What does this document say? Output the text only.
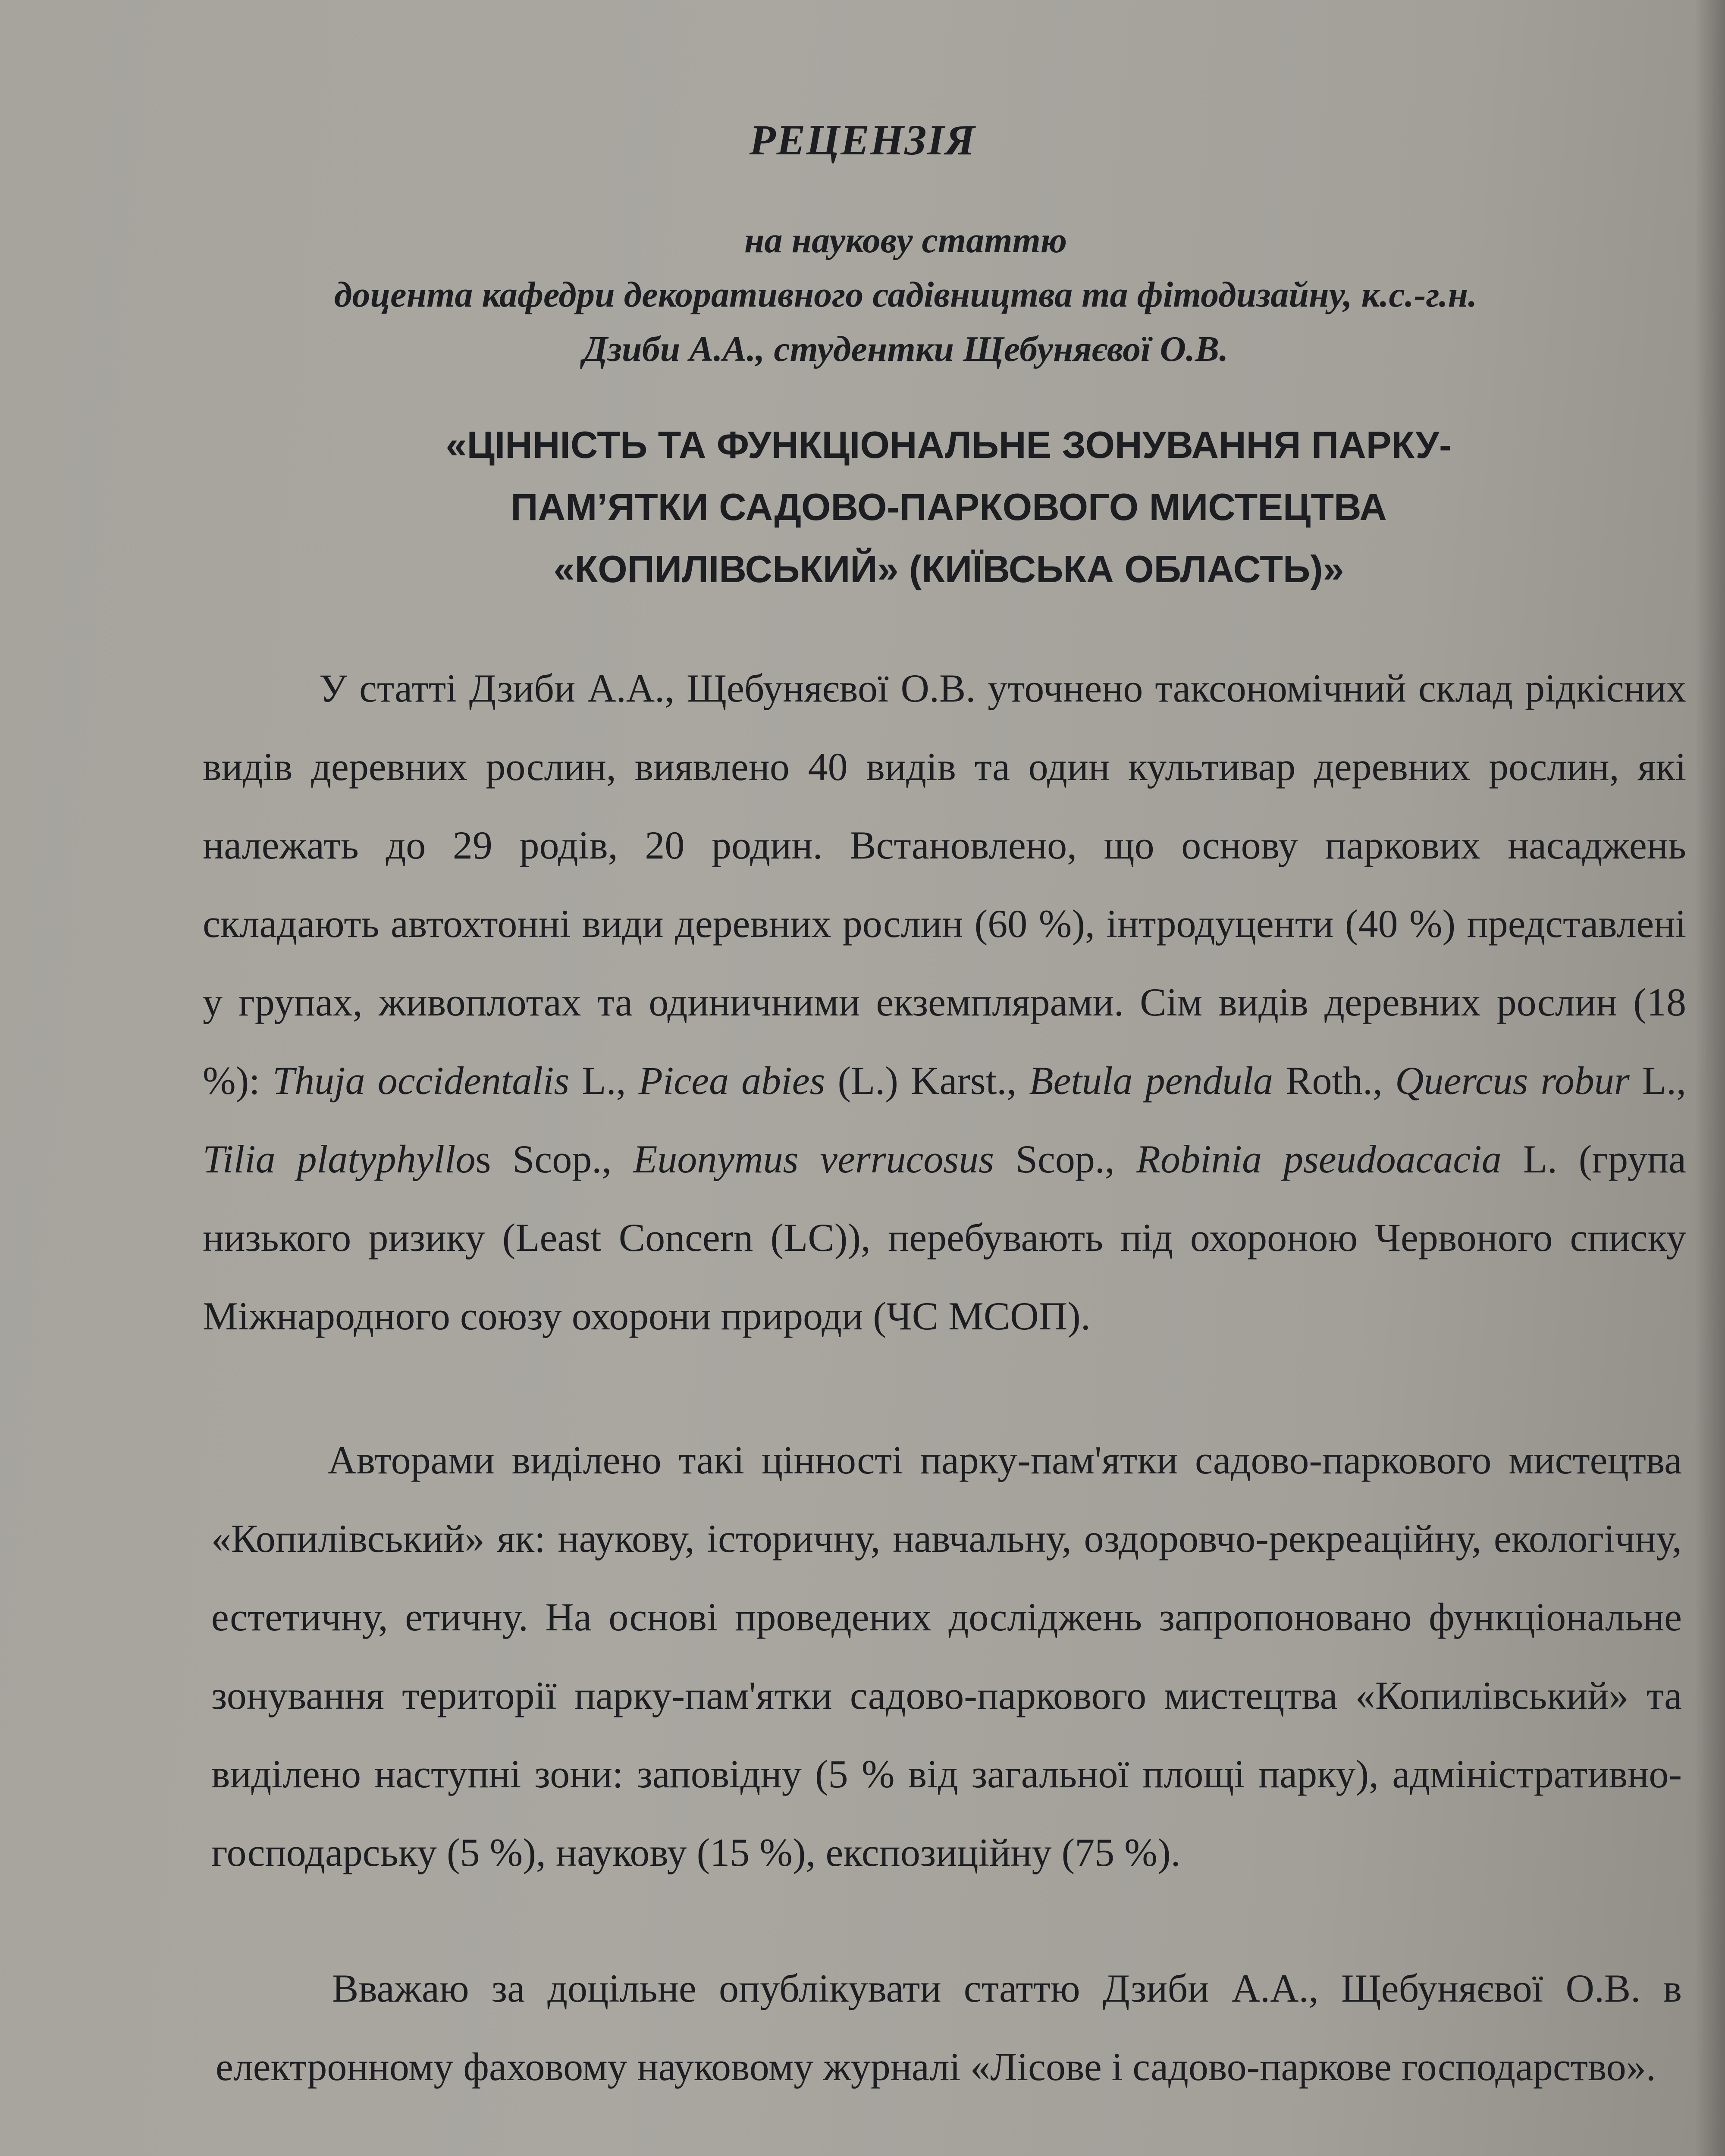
РЕЦЕНЗІЯ
на наукову статтю
доцента кафедри декоративного садівництва та фітодизайну, к.с.-г.н.
Дзиби А.А., студентки Щебуняєвої О.В.
«ЦІННІСТЬ ТА ФУНКЦІОНАЛЬНЕ ЗОНУВАННЯ ПАРКУ-
ПАМ’ЯТКИ САДОВО-ПАРКОВОГО МИСТЕЦТВА
«КОПИЛІВСЬКИЙ» (КИЇВСЬКА ОБЛАСТЬ)»
У статті Дзиби А.А., Щебуняєвої О.В. уточнено таксономічний склад рідкісних видів деревних рослин, виявлено 40 видів та один культивар деревних рослин, які належать до 29 родів, 20 родин. Встановлено, що основу паркових насаджень складають автохтонні види деревних рослин (60 %), інтродуценти (40 %) представлені у групах, живоплотах та одиничними екземплярами. Сім видів деревних рослин (18 %): Thuja occidentalis L., Picea abies (L.) Karst., Betula pendula Roth., Quercus robur L., Tilia platyphyllos Scop., Euonymus verrucosus Scop., Robinia pseudoacacia L. (група низького ризику (Least Concern (LC)), перебувають під охороною Червоного списку Міжнародного союзу охорони природи (ЧС МСОП).
Авторами виділено такі цінності парку-пам'ятки садово-паркового мистецтва «Копилівський» як: наукову, історичну, навчальну, оздоровчо-рекреаційну, екологічну, естетичну, етичну. На основі проведених досліджень запропоновано функціональне зонування території парку-пам'ятки садово-паркового мистецтва «Копилівський» та виділено наступні зони: заповідну (5 % від загальної площі парку), адміністративно-господарську (5 %), наукову (15 %), експозиційну (75 %).
Вважаю за доцільне опублікувати статтю Дзиби А.А., Щебуняєвої О.В. в електронному фаховому науковому журналі «Лісове і садово-паркове господарство».
